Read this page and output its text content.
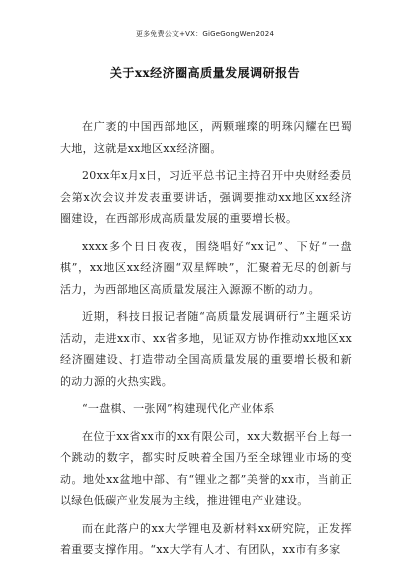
更多免费公文+VX：GiGeGongWen2024
关于xx经济圈高质量发展调研报告

在广袤的中国西部地区，两颗璀璨的明珠闪耀在巴蜀大地，这就是xx地区xx经济圈。

20xx年x月x日，习近平总书记主持召开中央财经委员会第x次会议并发表重要讲话，强调要推动xx地区xx经济圈建设，在西部形成高质量发展的重要增长极。

xxxx多个日日夜夜，围绕唱好“xx记”、下好“一盘棋”，xx地区xx经济圈“双星辉映”，汇聚着无尽的创新与活力，为西部地区高质量发展注入源源不断的动力。

近期，科技日报记者随“高质量发展调研行”主题采访活动，走进xx市、xx省多地，见证双方协作推动xx地区xx经济圈建设、打造带动全国高质量发展的重要增长极和新的动力源的火热实践。

“一盘棋、一张网”构建现代化产业体系

在位于xx省xx市的xx有限公司，xx大数据平台上每一个跳动的数字，都实时反映着全国乃至全球锂业市场的变动。地处xx盆地中部、有“锂业之都”美誉的xx市，当前正以绿色低碳产业发展为主线，推进锂电产业建设。

而在此落户的xx大学锂电及新材料xx研究院，正发挥着重要支撑作用。“xx大学有人才、有团队，xx市有多家
